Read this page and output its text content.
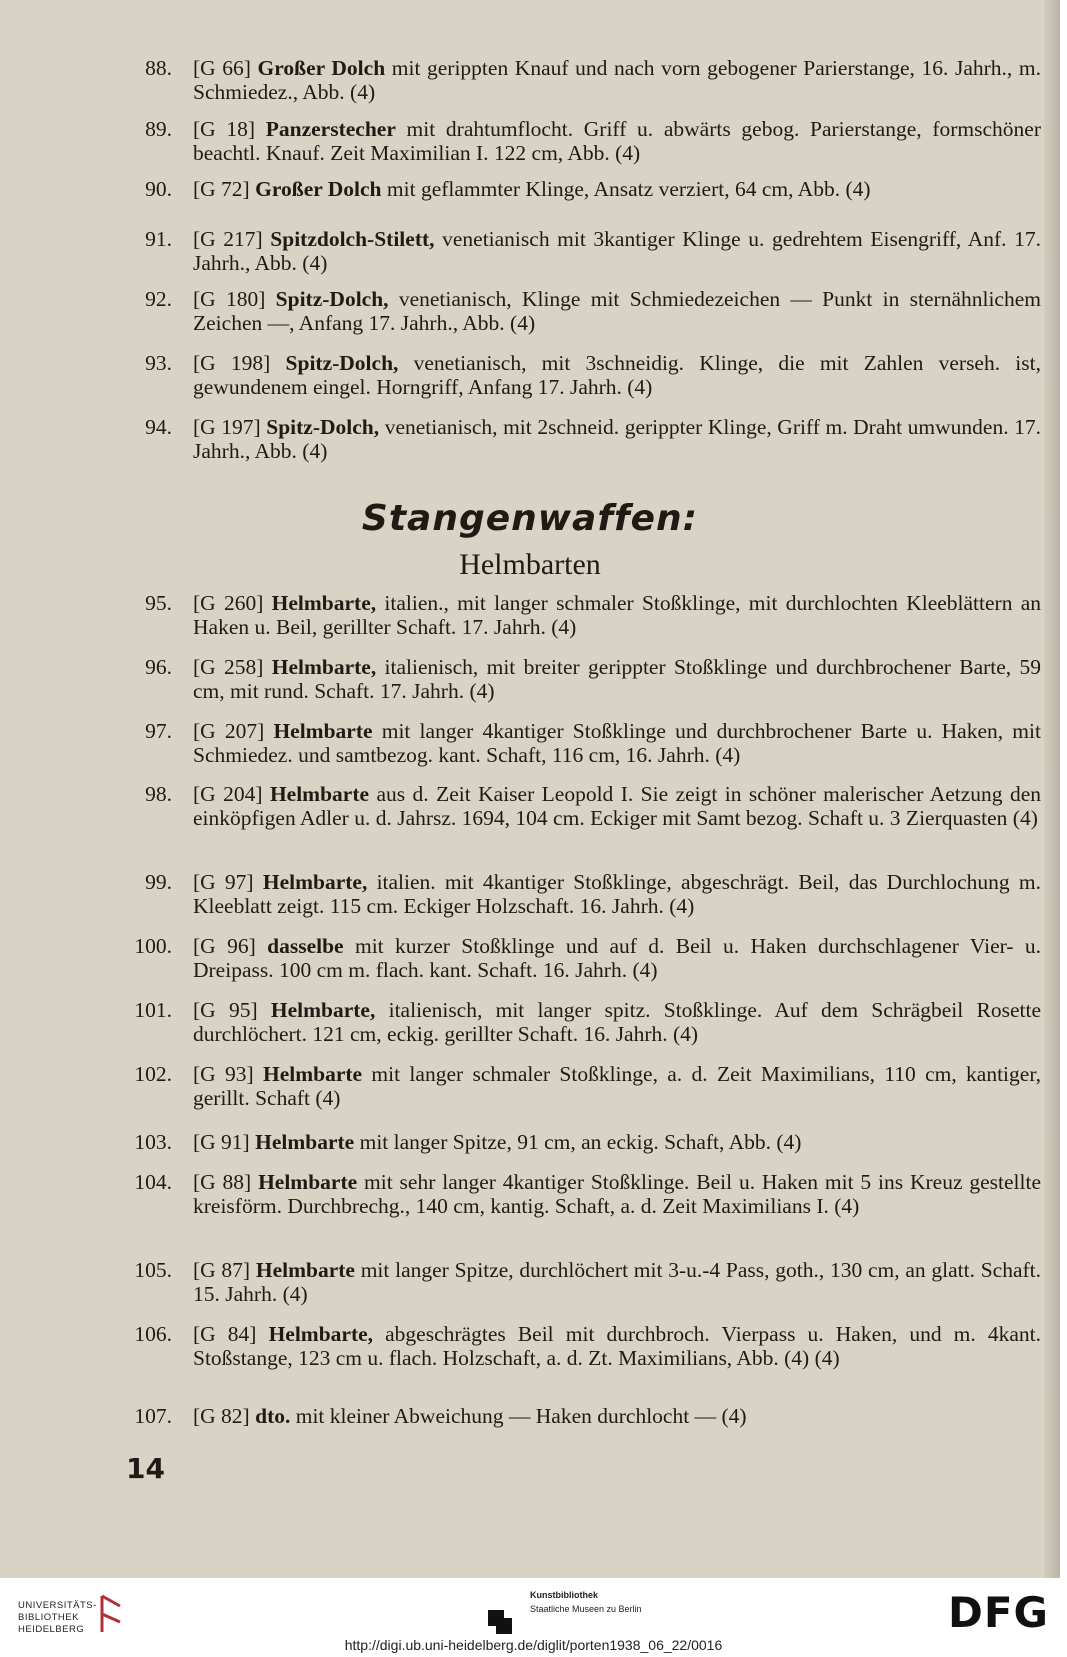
88. [G 66] Großer Dolch mit gerippten Knauf und nach vorn gebogener Parierstange, 16. Jahrh., m. Schmiedez., Abb. (4)
89. [G 18] Panzerstecher mit drahtumflocht. Griff u. abwärts gebog. Parierstange, formschöner beachtl. Knauf. Zeit Maximilian I. 122 cm, Abb. (4)
90. [G 72] Großer Dolch mit geflammter Klinge, Ansatz verziert, 64 cm, Abb. (4)
91. [G 217] Spitzdolch-Stilett, venetianisch mit 3kantiger Klinge u. gedrehtem Eisengriff, Anf. 17. Jahrh., Abb. (4)
92. [G 180] Spitz-Dolch, venetianisch, Klinge mit Schmiedezeichen — Punkt in sternähnlichem Zeichen —, Anfang 17. Jahrh., Abb. (4)
93. [G 198] Spitz-Dolch, venetianisch, mit 3schneidig. Klinge, die mit Zahlen verseh. ist, gewundenem eingel. Horngriff, Anfang 17. Jahrh. (4)
94. [G 197] Spitz-Dolch, venetianisch, mit 2schneid. gerippter Klinge, Griff m. Draht umwunden. 17. Jahrh., Abb. (4)
95. [G 260] Helmbarte, italien., mit langer schmaler Stoßklinge, mit durchlochten Kleeblättern an Haken u. Beil, gerillter Schaft. 17. Jahrh. (4)
96. [G 258] Helmbarte, italienisch, mit breiter gerippter Stoßklinge und durchbrochener Barte, 59 cm, mit rund. Schaft. 17. Jahrh. (4)
97. [G 207] Helmbarte mit langer 4kantiger Stoßklinge und durchbrochener Barte u. Haken, mit Schmiedez. und samtbezog. kant. Schaft, 116 cm, 16. Jahrh. (4)
98. [G 204] Helmbarte aus d. Zeit Kaiser Leopold I. Sie zeigt in schöner malerischer Aetzung den einköpfigen Adler u. d. Jahrsz. 1694, 104 cm. Eckiger mit Samt bezog. Schaft u. 3 Zierquasten (4)
99. [G 97] Helmbarte, italien. mit 4kantiger Stoßklinge, abgeschrägt. Beil, das Durchlochung m. Kleeblatt zeigt. 115 cm. Eckiger Holzschaft. 16. Jahrh. (4)
100. [G 96] dasselbe mit kurzer Stoßklinge und auf d. Beil u. Haken durchschlagener Vier- u. Dreipass. 100 cm m. flach. kant. Schaft. 16. Jahrh. (4)
101. [G 95] Helmbarte, italienisch, mit langer spitz. Stoßklinge. Auf dem Schrägbeil Rosette durchlöchert. 121 cm, eckig. gerillter Schaft. 16. Jahrh. (4)
102. [G 93] Helmbarte mit langer schmaler Stoßklinge, a. d. Zeit Maximilians, 110 cm, kantiger, gerillt. Schaft (4)
103. [G 91] Helmbarte mit langer Spitze, 91 cm, an eckig. Schaft, Abb. (4)
104. [G 88] Helmbarte mit sehr langer 4kantiger Stoßklinge. Beil u. Haken mit 5 ins Kreuz gestellte kreisförm. Durchbrechg., 140 cm, kantig. Schaft, a. d. Zeit Maximilians I. (4)
105. [G 87] Helmbarte mit langer Spitze, durchlöchert mit 3-u.-4 Pass, goth., 130 cm, an glatt. Schaft. 15. Jahrh. (4)
106. [G 84] Helmbarte, abgeschrägtes Beil mit durchbroch. Vierpass u. Haken, und m. 4kant. Stoßstange, 123 cm u. flach. Holzschaft, a. d. Zt. Maximilians, Abb. (4) (4)
107. [G 82] dto. mit kleiner Abweichung — Haken durchlocht — (4)
Stangenwaffen:
Helmbarten
14
UNIVERSITÄTS-
BIBLIOTHEK
HEIDELBERG
Kunstbibliothek
Staatliche Museen zu Berlin	DFG
http://digi.ub.uni-heidelberg.de/diglit/porten1938_06_22/0016
